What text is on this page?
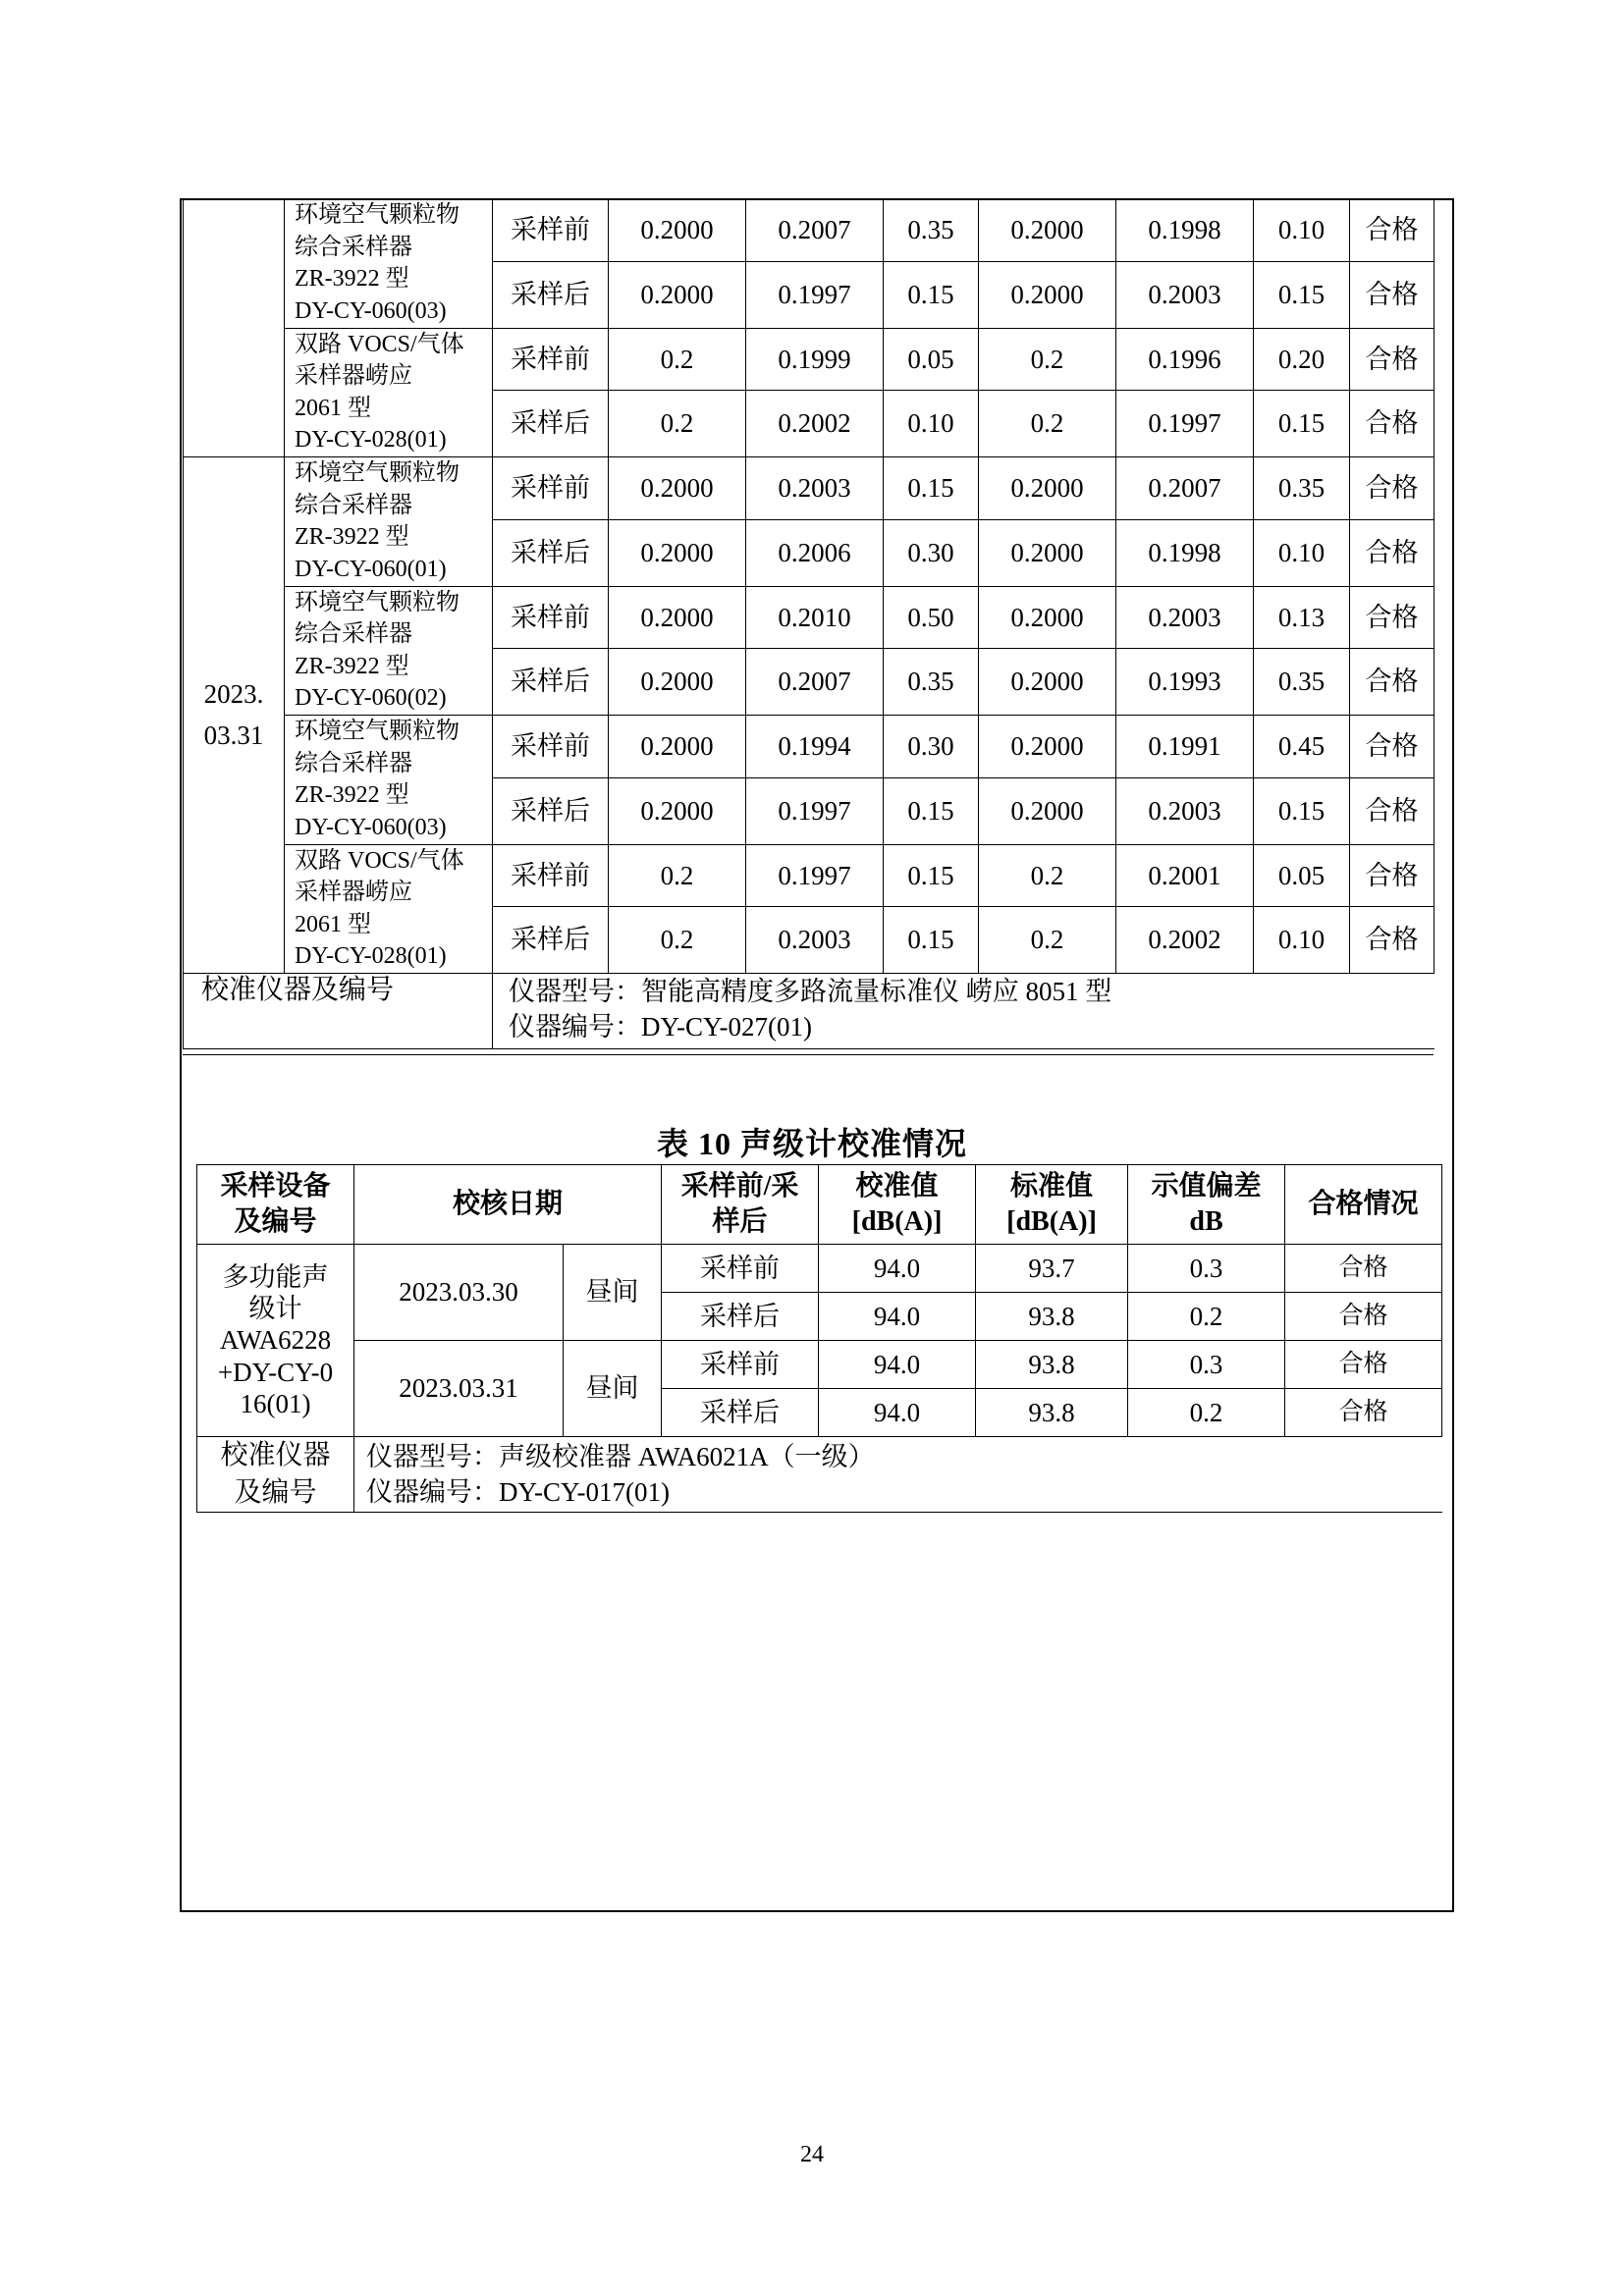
	环境空气颗粒物
综合采样器
ZR-3922 型
DY-CY-060(03)	采样前	0.2000	0.2007	0.35	0.2000	0.1998	0.10	合格	
		采样后	0.2000	0.1997	0.15	0.2000	0.2003	0.15	合格	
	双路 VOCS/气体
采样器崂应
2061 型
DY-CY-028(01)	采样前	0.2	0.1999	0.05	0.2	0.1996	0.20	合格	
		采样后	0.2	0.2002	0.10	0.2	0.1997	0.15	合格	
2023.
03.31	环境空气颗粒物
综合采样器
ZR-3922 型
DY-CY-060(01)	采样前	0.2000	0.2003	0.15	0.2000	0.2007	0.35	合格	
		采样后	0.2000	0.2006	0.30	0.2000	0.1998	0.10	合格	
	环境空气颗粒物
综合采样器
ZR-3922 型
DY-CY-060(02)	采样前	0.2000	0.2010	0.50	0.2000	0.2003	0.13	合格	
		采样后	0.2000	0.2007	0.35	0.2000	0.1993	0.35	合格	
	环境空气颗粒物
综合采样器
ZR-3922 型
DY-CY-060(03)	采样前	0.2000	0.1994	0.30	0.2000	0.1991	0.45	合格	
		采样后	0.2000	0.1997	0.15	0.2000	0.2003	0.15	合格	
	双路 VOCS/气体
采样器崂应
2061 型
DY-CY-028(01)	采样前	0.2	0.1997	0.15	0.2	0.2001	0.05	合格	
		采样后	0.2	0.2003	0.15	0.2	0.2002	0.10	合格	
校准仪器及编号		仪器型号：智能高精度多路流量标准仪 崂应 8051 型
仪器编号：DY-CY-027(01)								
表 10 声级计校准情况
采样设备
及编号	校核日期		采样前/采
样后	校准值
[dB(A)]	标准值
[dB(A)]	示值偏差
dB	合格情况
多功能声
级计
AWA6228
+DY-CY-0
16(01)	2023.03.30	昼间	采样前	94.0	93.7	0.3	合格
			采样后	94.0	93.8	0.2	合格
	2023.03.31	昼间	采样前	94.0	93.8	0.3	合格
			采样后	94.0	93.8	0.2	合格
校准仪器
及编号	仪器型号：声级校准器 AWA6021A（一级）
仪器编号：DY-CY-017(01)						
24
